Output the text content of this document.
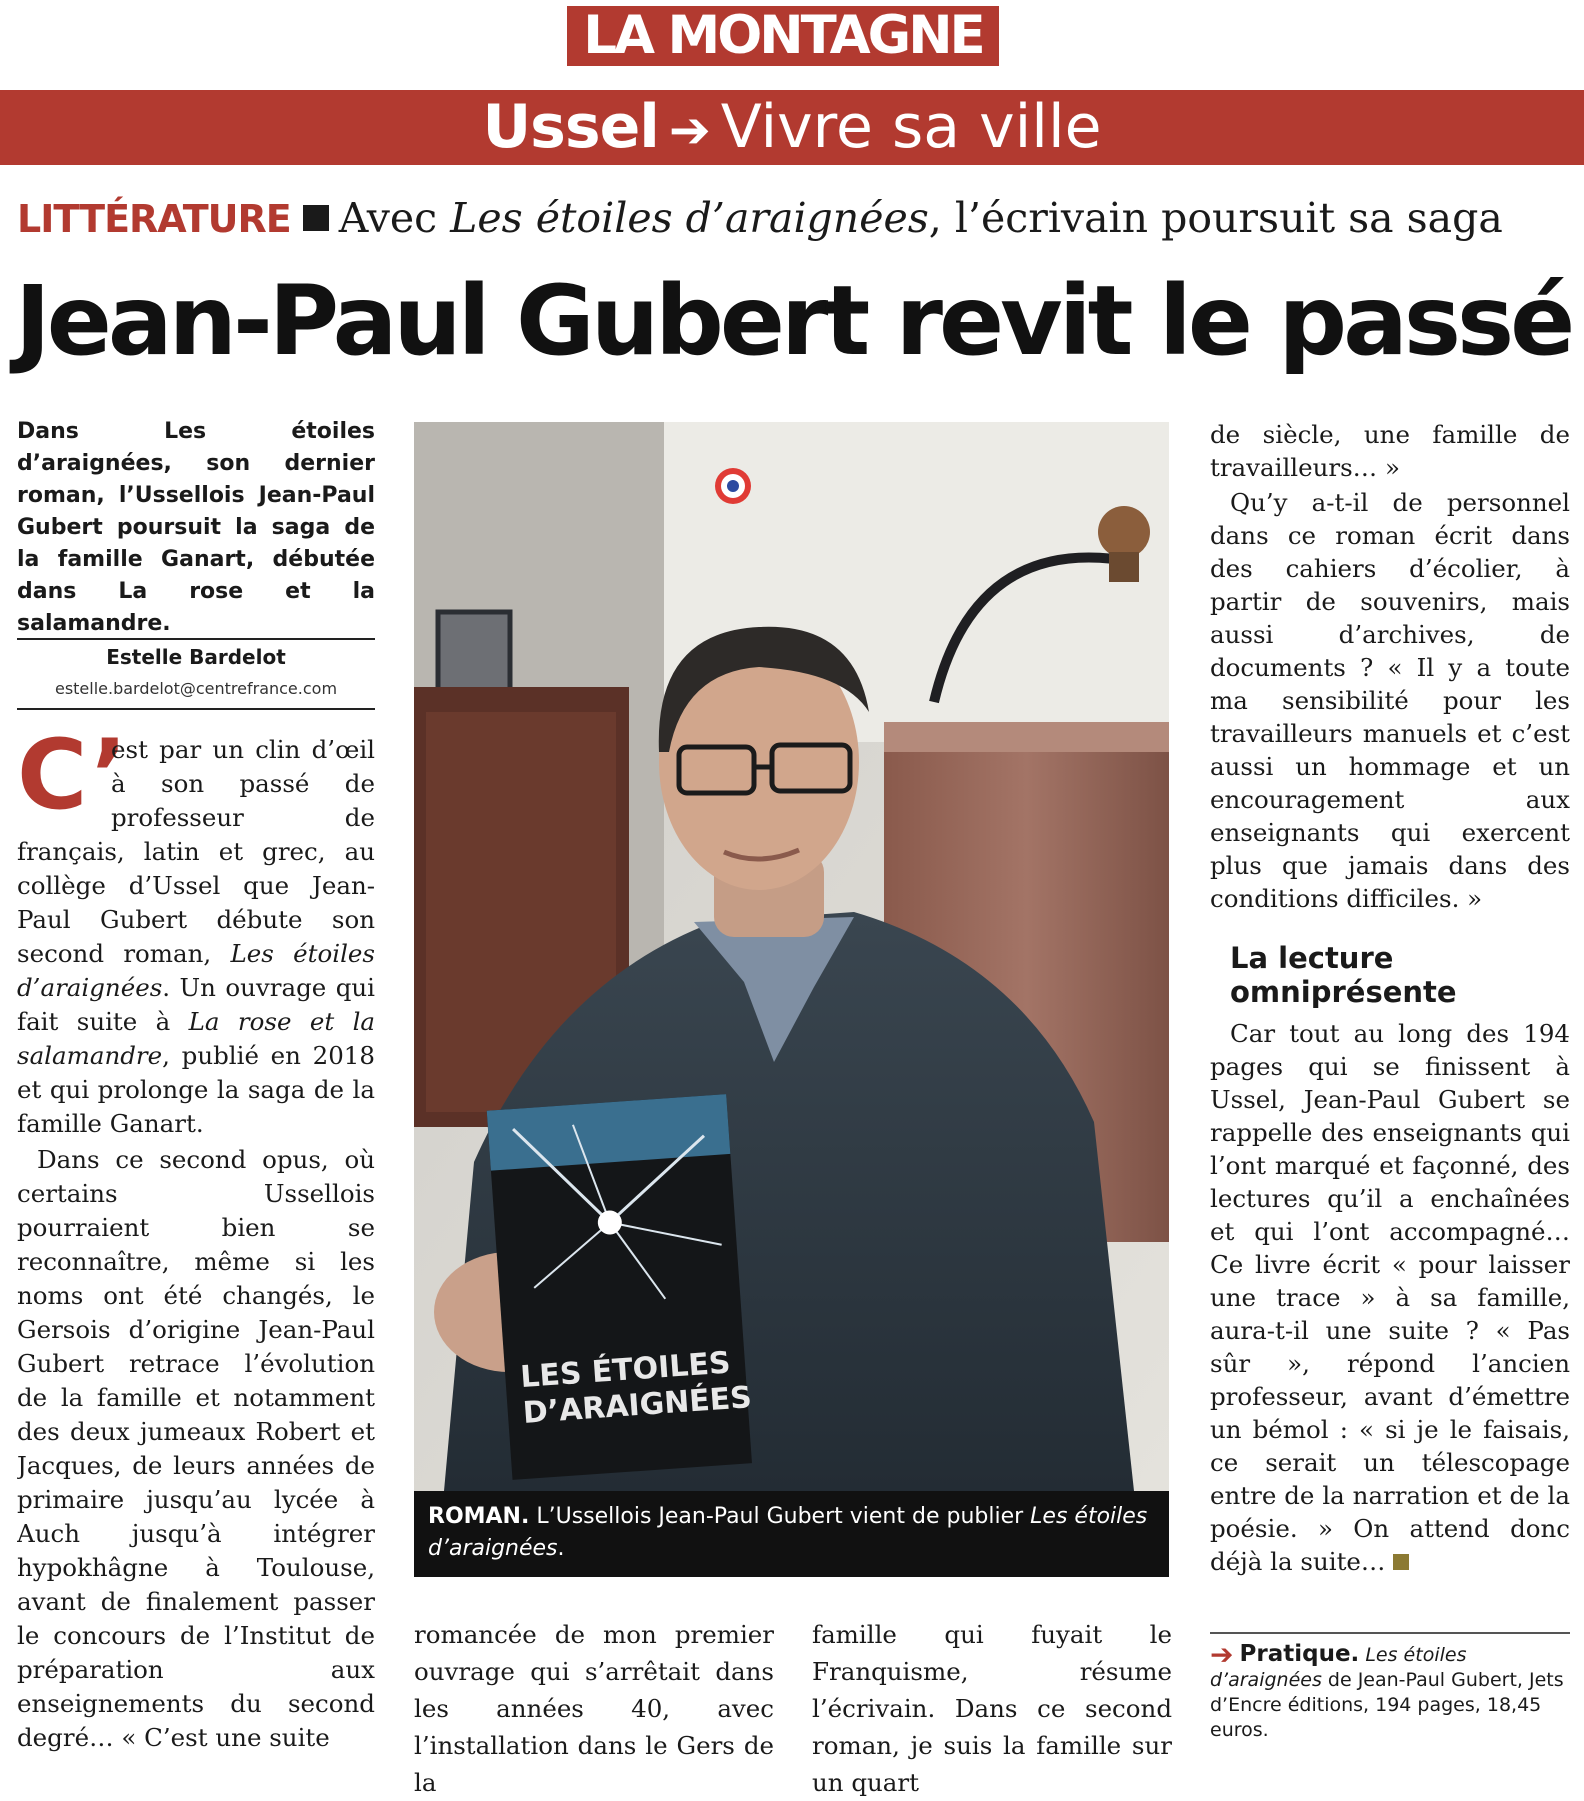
LA MONTAGNE
Ussel ➔ Vivre sa ville
LITTÉRATURE Avec Les étoiles d’araignées, l’écrivain poursuit sa saga
Jean-Paul Gubert revit le passé

Dans Les étoiles d’araignées, son dernier roman, l’Ussellois Jean-Paul Gubert poursuit la saga de la famille Ganart, débutée dans La rose et la salamandre.

Estelle Bardelot
estelle.bardelot@centrefrance.com

C’
est par un clin d’œil à son passé de professeur de français, latin et grec, au collège d’Ussel que Jean-Paul Gubert débute son second roman, Les étoiles d’araignées. Un ouvrage qui fait suite à La rose et la salamandre, publié en 2018 et qui prolonge la saga de la famille Ganart.

Dans ce second opus, où certains Ussellois pourraient bien se reconnaître, même si les noms ont été changés, le Gersois d’origine Jean-Paul Gubert retrace l’évolution de la famille et notamment des deux jumeaux Robert et Jacques, de leurs années de primaire jusqu’au lycée à Auch jusqu’à intégrer hypokhâgne à Toulouse, avant de finalement passer le concours de l’Institut de préparation aux enseignements du second degré… « C’est une suite

LES ÉTOILES
D’ARAIGNÉES
ROMAN. L’Ussellois Jean-Paul Gubert vient de publier Les étoiles d’araignées.

romancée de mon premier ouvrage qui s’arrêtait dans les années 40, avec l’installation dans le Gers de la

famille qui fuyait le Franquisme, résume l’écrivain. Dans ce second roman, je suis la famille sur un quart

de siècle, une famille de travailleurs… »

Qu’y a-t-il de personnel dans ce roman écrit dans des cahiers d’écolier, à partir de souvenirs, mais aussi d’archives, de documents ? « Il y a toute ma sensibilité pour les travailleurs manuels et c’est aussi un hommage et un encouragement aux enseignants qui exercent plus que jamais dans des conditions difficiles. »

La lecture omniprésente

Car tout au long des 194 pages qui se finissent à Ussel, Jean-Paul Gubert se rappelle des enseignants qui l’ont marqué et façonné, des lectures qu’il a enchaînées et qui l’ont accompagné… Ce livre écrit « pour laisser une trace » à sa famille, aura-t-il une suite ? « Pas sûr », répond l’ancien professeur, avant d’émettre un bémol : « si je le faisais, ce serait un télescopage entre de la narration et de la poésie. » On attend donc déjà la suite…

➔ Pratique. Les étoiles d’araignées de Jean-Paul Gubert, Jets d’Encre éditions, 194 pages, 18,45 euros.
